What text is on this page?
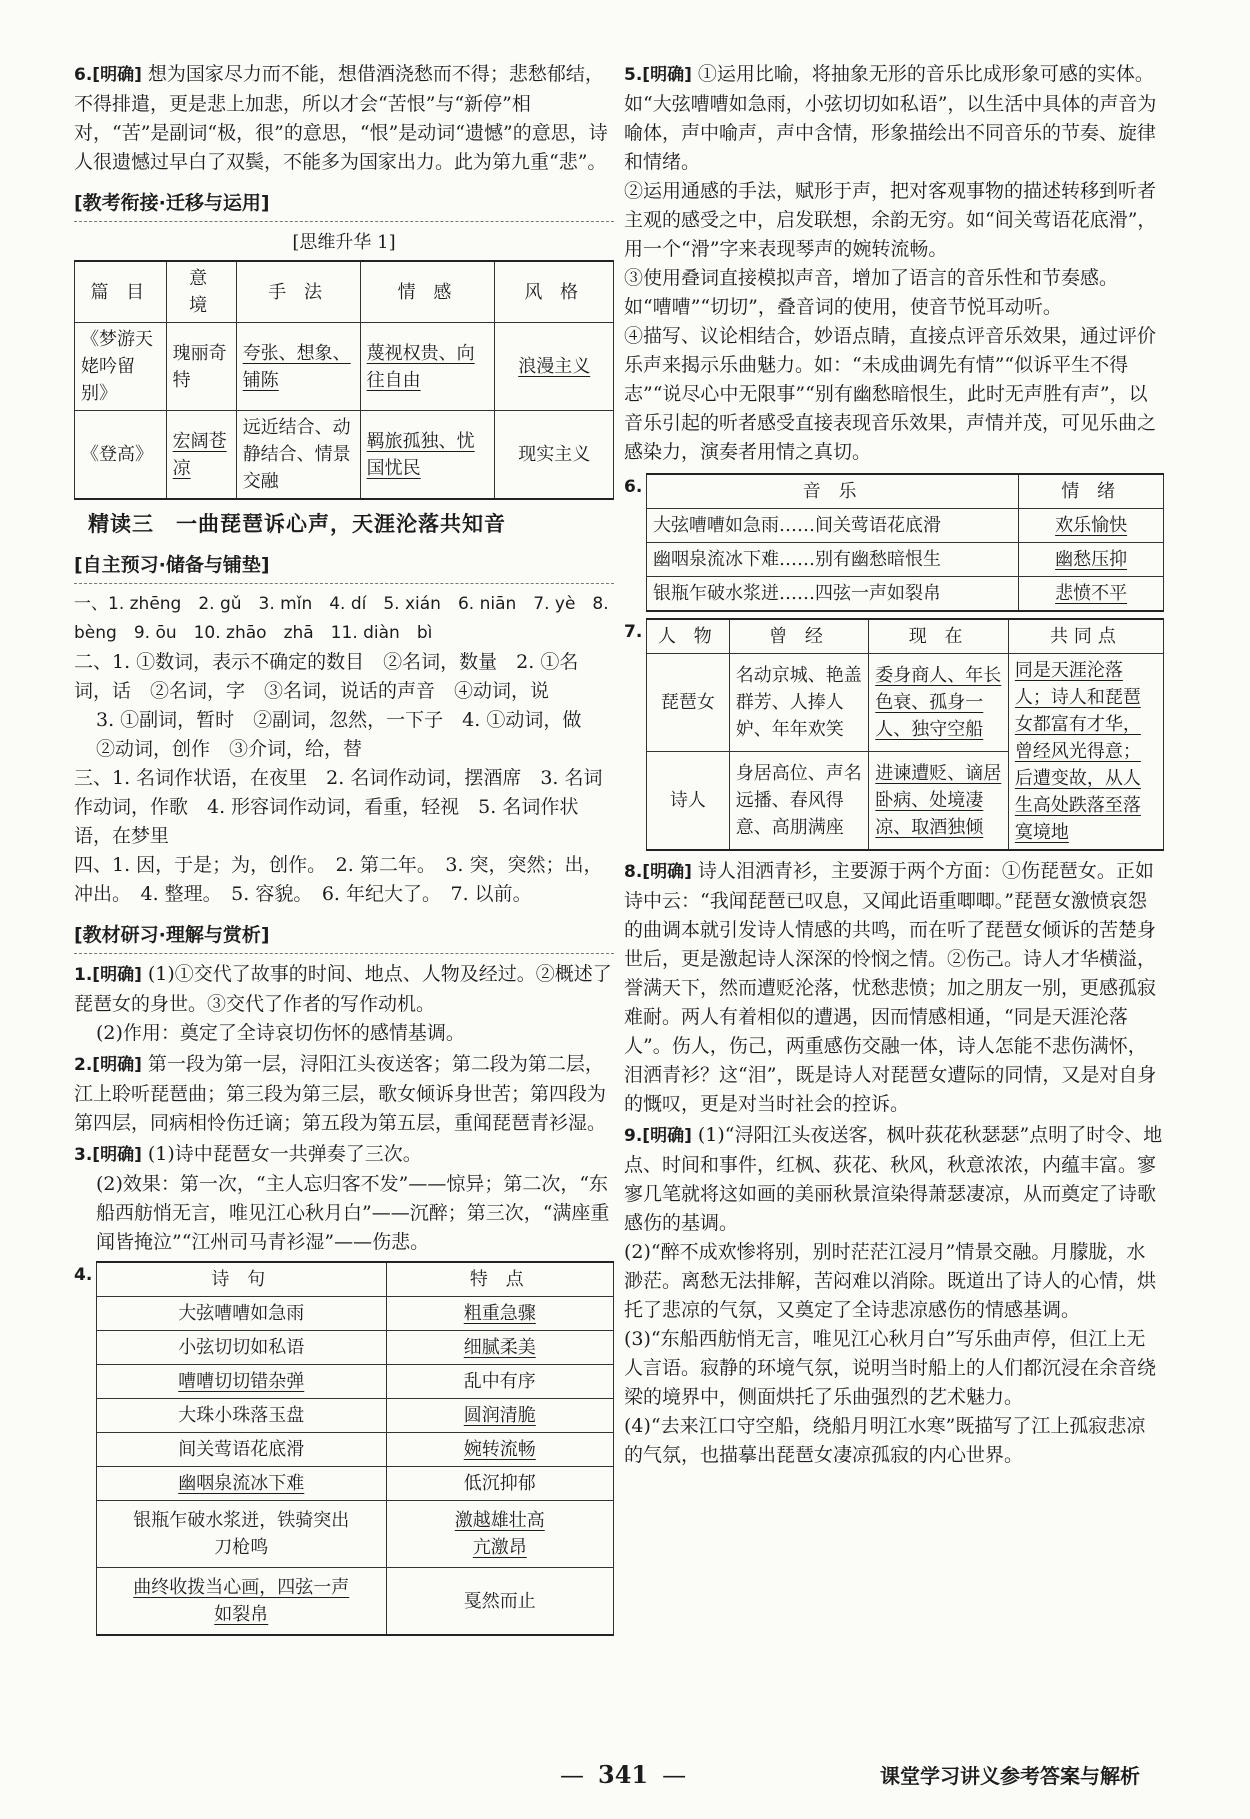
6.[明确] 想为国家尽力而不能，想借酒浇愁而不得；悲愁郁结，不得排遣，更是悲上加悲，所以才会“苦恨”与“新停”相对，“苦”是副词“极，很”的意思，“恨”是动词“遗憾”的意思，诗人很遗憾过早白了双鬓，不能多为国家出力。此为第九重“悲”。
[教考衔接·迁移与运用]
[思维升华 1]
篇 目	意 境	手 法	情 感	风 格
《梦游天姥吟留别》	瑰丽奇特	夸张、想象、铺陈	蔑视权贵、向往自由	浪漫主义
《登高》	宏阔苍凉	远近结合、动静结合、情景交融	羁旅孤独、忧国忧民	现实主义
精读三　一曲琵琶诉心声，天涯沦落共知音
[自主预习·储备与铺垫]

一、1. zhēng　2. gǔ　3. mǐn　4. dí　5. xián　6. niān　7. yè　8. bèng　9. ōu　10. zhāo　zhā　11. diàn　bì

二、1. ①数词，表示不确定的数目　②名词，数量　2. ①名词，话　②名词，字　③名词，说话的声音　④动词，说

3. ①副词，暂时　②副词，忽然，一下子　4. ①动词，做　②动词，创作　③介词，给，替

三、1. 名词作状语，在夜里　2. 名词作动词，摆酒席　3. 名词作动词，作歌　4. 形容词作动词，看重，轻视　5. 名词作状语，在梦里

四、1. 因，于是；为，创作。　2. 第二年。　3. 突，突然；出，冲出。　4. 整理。　5. 容貌。　6. 年纪大了。　7. 以前。

[教材研习·理解与赏析]
1.[明确] (1)①交代了故事的时间、地点、人物及经过。②概述了琵琶女的身世。③交代了作者的写作动机。

(2)作用：奠定了全诗哀切伤怀的感情基调。

2.[明确] 第一段为第一层，浔阳江头夜送客；第二段为第二层，江上聆听琵琶曲；第三段为第三层，歌女倾诉身世苦；第四段为第四层，同病相怜伤迁谪；第五段为第五层，重闻琵琶青衫湿。
3.[明确] (1)诗中琵琶女一共弹奏了三次。

(2)效果：第一次，“主人忘归客不发”——惊异；第二次，“东船西舫悄无言，唯见江心秋月白”——沉醉；第三次，“满座重闻皆掩泣”“江州司马青衫湿”——伤悲。

4.	诗 句	特 点
大弦嘈嘈如急雨	粗重急骤
小弦切切如私语	细腻柔美
嘈嘈切切错杂弹	乱中有序
大珠小珠落玉盘	圆润清脆
间关莺语花底滑	婉转流畅
幽咽泉流冰下难	低沉抑郁
银瓶乍破水浆迸，铁骑突出刀枪鸣	激越雄壮高亢激昂
曲终收拨当心画，四弦一声如裂帛	戛然而止
5.[明确] ①运用比喻，将抽象无形的音乐比成形象可感的实体。如“大弦嘈嘈如急雨，小弦切切如私语”，以生活中具体的声音为喻体，声中喻声，声中含情，形象描绘出不同音乐的节奏、旋律和情绪。

②运用通感的手法，赋形于声，把对客观事物的描述转移到听者主观的感受之中，启发联想，余韵无穷。如“间关莺语花底滑”，用一个“滑”字来表现琴声的婉转流畅。

③使用叠词直接模拟声音，增加了语言的音乐性和节奏感。如“嘈嘈”“切切”，叠音词的使用，使音节悦耳动听。

④描写、议论相结合，妙语点睛，直接点评音乐效果，通过评价乐声来揭示乐曲魅力。如：“未成曲调先有情”“似诉平生不得志”“说尽心中无限事”“别有幽愁暗恨生，此时无声胜有声”，以音乐引起的听者感受直接表现音乐效果，声情并茂，可见乐曲之感染力，演奏者用情之真切。

6.	音 乐	情 绪
大弦嘈嘈如急雨……间关莺语花底滑	欢乐愉快
幽咽泉流冰下难……别有幽愁暗恨生	幽愁压抑
银瓶乍破水浆迸……四弦一声如裂帛	悲愤不平
7. 人 物	曾 经	现 在	共同点
琵琶女	名动京城、艳盖群芳、人捧人妒、年年欢笑	委身商人、年长色衰、孤身一人、独守空船	同是天涯沦落人；诗人和琵琶女都富有才华，曾经风光得意；后遭变故，从人生高处跌落至落寞境地
诗人	身居高位、声名远播、春风得意、高朋满座	进谏遭贬、谪居卧病、处境凄凉、取酒独倾	
8.[明确] 诗人泪洒青衫，主要源于两个方面：①伤琵琶女。正如诗中云：“我闻琵琶已叹息，又闻此语重唧唧。”琵琶女激愤哀怨的曲调本就引发诗人情感的共鸣，而在听了琵琶女倾诉的苦楚身世后，更是激起诗人深深的怜悯之情。②伤己。诗人才华横溢，誉满天下，然而遭贬沦落，忧愁悲愤；加之朋友一别，更感孤寂难耐。两人有着相似的遭遇，因而情感相通，“同是天涯沦落人”。伤人，伤己，两重感伤交融一体，诗人怎能不悲伤满怀，泪洒青衫？这“泪”，既是诗人对琵琶女遭际的同情，又是对自身的慨叹，更是对当时社会的控诉。
9.[明确] (1)“浔阳江头夜送客，枫叶荻花秋瑟瑟”点明了时令、地点、时间和事件，红枫、荻花、秋风，秋意浓浓，内蕴丰富。寥寥几笔就将这如画的美丽秋景渲染得萧瑟凄凉，从而奠定了诗歌感伤的基调。

(2)“醉不成欢惨将别，别时茫茫江浸月”情景交融。月朦胧，水渺茫。离愁无法排解，苦闷难以消除。既道出了诗人的心情，烘托了悲凉的气氛，又奠定了全诗悲凉感伤的情感基调。

(3)“东船西舫悄无言，唯见江心秋月白”写乐曲声停，但江上无人言语。寂静的环境气氛，说明当时船上的人们都沉浸在余音绕梁的境界中，侧面烘托了乐曲强烈的艺术魅力。

(4)“去来江口守空船，绕船月明江水寒”既描写了江上孤寂悲凉的气氛，也描摹出琵琶女凄凉孤寂的内心世界。

— 341 —	课堂学习讲义参考答案与解析
